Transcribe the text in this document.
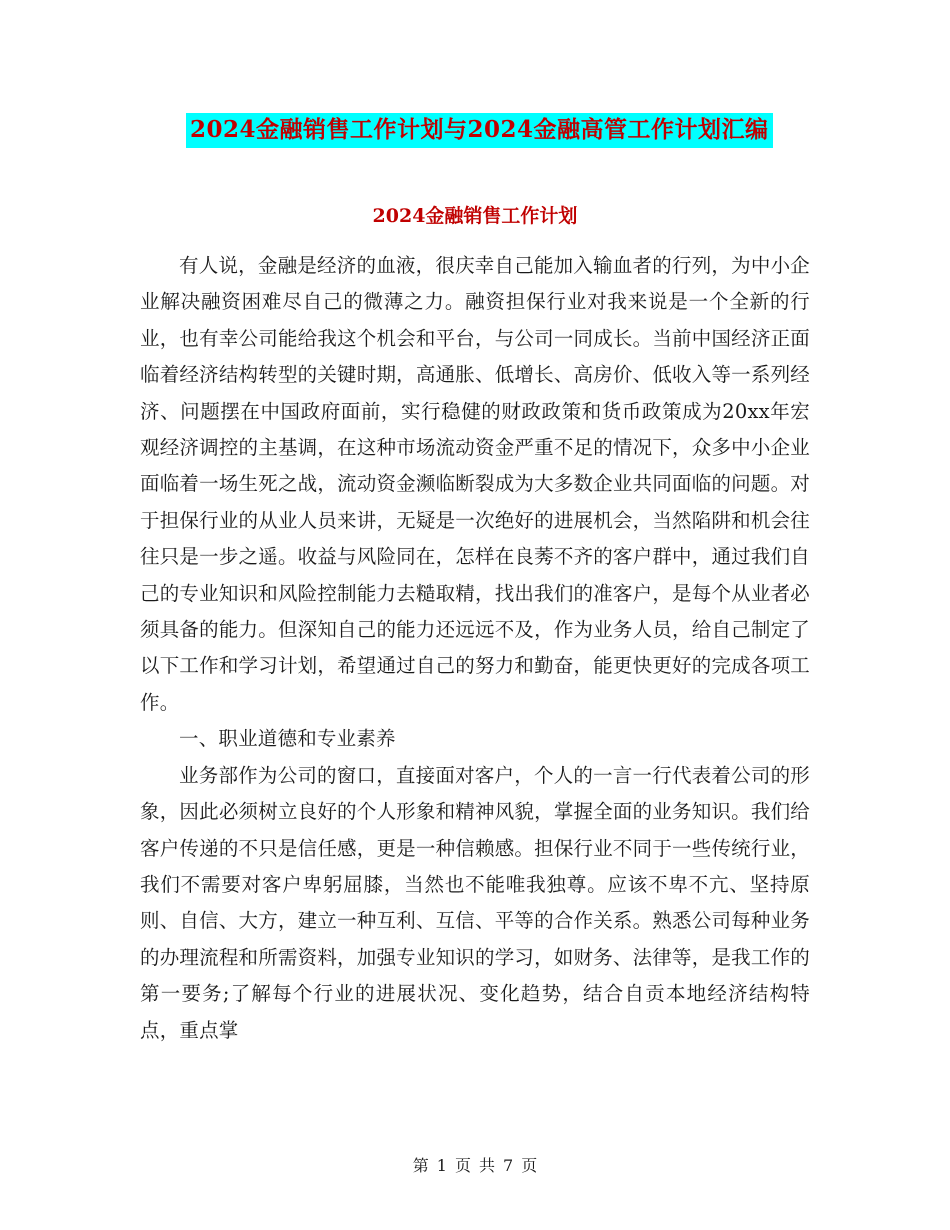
2024金融销售工作计划与2024金融高管工作计划汇编
2024金融销售工作计划

有人说，金融是经济的血液，很庆幸自己能加入输血者的行列，为中小企业解决融资困难尽自己的微薄之力。融资担保行业对我来说是一个全新的行业，也有幸公司能给我这个机会和平台，与公司一同成长。当前中国经济正面临着经济结构转型的关键时期，高通胀、低增长、高房价、低收入等一系列经济、问题摆在中国政府面前，实行稳健的财政政策和货币政策成为20xx年宏观经济调控的主基调，在这种市场流动资金严重不足的情况下，众多中小企业面临着一场生死之战，流动资金濒临断裂成为大多数企业共同面临的问题。对于担保行业的从业人员来讲，无疑是一次绝好的进展机会，当然陷阱和机会往往只是一步之遥。收益与风险同在，怎样在良莠不齐的客户群中，通过我们自己的专业知识和风险控制能力去糙取精，找出我们的准客户，是每个从业者必须具备的能力。但深知自己的能力还远远不及，作为业务人员，给自己制定了以下工作和学习计划，希望通过自己的努力和勤奋，能更快更好的完成各项工作。

一、职业道德和专业素养

业务部作为公司的窗口，直接面对客户，个人的一言一行代表着公司的形象，因此必须树立良好的个人形象和精神风貌，掌握全面的业务知识。我们给客户传递的不只是信任感，更是一种信赖感。担保行业不同于一些传统行业，我们不需要对客户卑躬屈膝，当然也不能唯我独尊。应该不卑不亢、坚持原则、自信、大方，建立一种互利、互信、平等的合作关系。熟悉公司每种业务的办理流程和所需资料，加强专业知识的学习，如财务、法律等，是我工作的第一要务;了解每个行业的进展状况、变化趋势，结合自贡本地经济结构特点，重点掌

第 1 页 共 7 页
